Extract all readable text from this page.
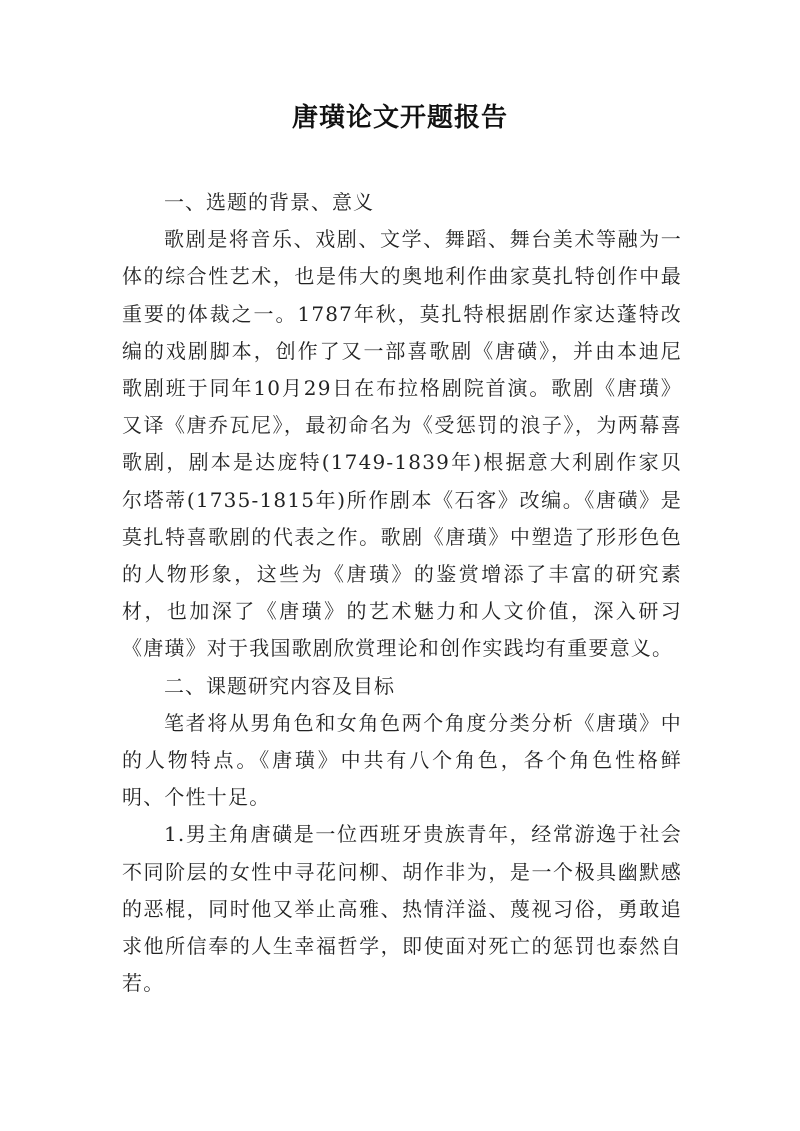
唐璜论文开题报告

一、选题的背景、意义

歌剧是将音乐、戏剧、文学、舞蹈、舞台美术等融为一体的综合性艺术，也是伟大的奥地利作曲家莫扎特创作中最重要的体裁之一。1787年秋，莫扎特根据剧作家达蓬特改编的戏剧脚本，创作了又一部喜歌剧《唐磺》，并由本迪尼歌剧班于同年10月29日在布拉格剧院首演。歌剧《唐璜》又译《唐乔瓦尼》，最初命名为《受惩罚的浪子》，为两幕喜歌剧，剧本是达庞特(1749-1839年)根据意大利剧作家贝尔塔蒂(1735-1815年)所作剧本《石客》改编。《唐磺》是莫扎特喜歌剧的代表之作。歌剧《唐璜》中塑造了形形色色的人物形象，这些为《唐璜》的鉴赏增添了丰富的研究素材，也加深了《唐璜》的艺术魅力和人文价值，深入研习《唐璜》对于我国歌剧欣赏理论和创作实践均有重要意义。

二、课题研究内容及目标

笔者将从男角色和女角色两个角度分类分析《唐璜》中的人物特点。《唐璜》中共有八个角色，各个角色性格鲜明、个性十足。

1.男主角唐磺是一位西班牙贵族青年，经常游逸于社会不同阶层的女性中寻花问柳、胡作非为，是一个极具幽默感的恶棍，同时他又举止高雅、热情洋溢、蔑视习俗，勇敢追求他所信奉的人生幸福哲学，即使面对死亡的惩罚也泰然自若。
